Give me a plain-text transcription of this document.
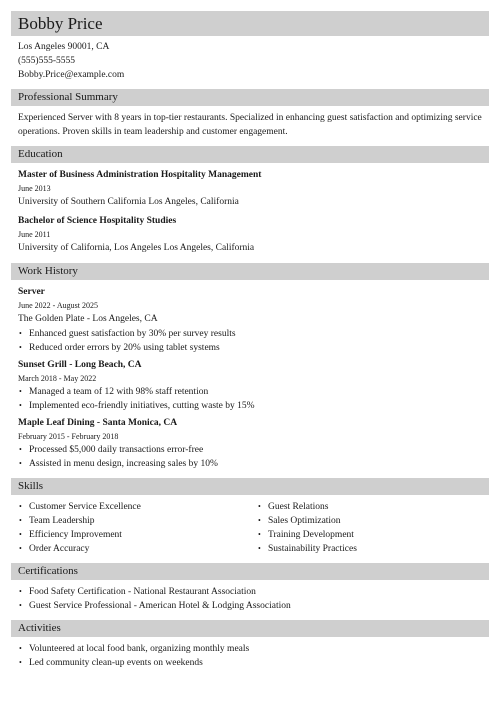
Bobby Price
Los Angeles 90001, CA
(555)555-5555
Bobby.Price@example.com
Professional Summary
Experienced Server with 8 years in top-tier restaurants. Specialized in enhancing guest satisfaction and optimizing service operations. Proven skills in team leadership and customer engagement.
Education
Master of Business Administration Hospitality Management
June 2013
University of Southern California Los Angeles, California
Bachelor of Science Hospitality Studies
June 2011
University of California, Los Angeles Los Angeles, California
Work History
Server
June 2022 - August 2025
The Golden Plate - Los Angeles, CA
• Enhanced guest satisfaction by 30% per survey results
• Reduced order errors by 20% using tablet systems
Sunset Grill - Long Beach, CA
March 2018 - May 2022
• Managed a team of 12 with 98% staff retention
• Implemented eco-friendly initiatives, cutting waste by 15%
Maple Leaf Dining - Santa Monica, CA
February 2015 - February 2018
• Processed $5,000 daily transactions error-free
• Assisted in menu design, increasing sales by 10%
Skills
• Customer Service Excellence
• Team Leadership
• Efficiency Improvement
• Order Accuracy
• Guest Relations
• Sales Optimization
• Training Development
• Sustainability Practices
Certifications
• Food Safety Certification - National Restaurant Association
• Guest Service Professional - American Hotel & Lodging Association
Activities
• Volunteered at local food bank, organizing monthly meals
• Led community clean-up events on weekends
